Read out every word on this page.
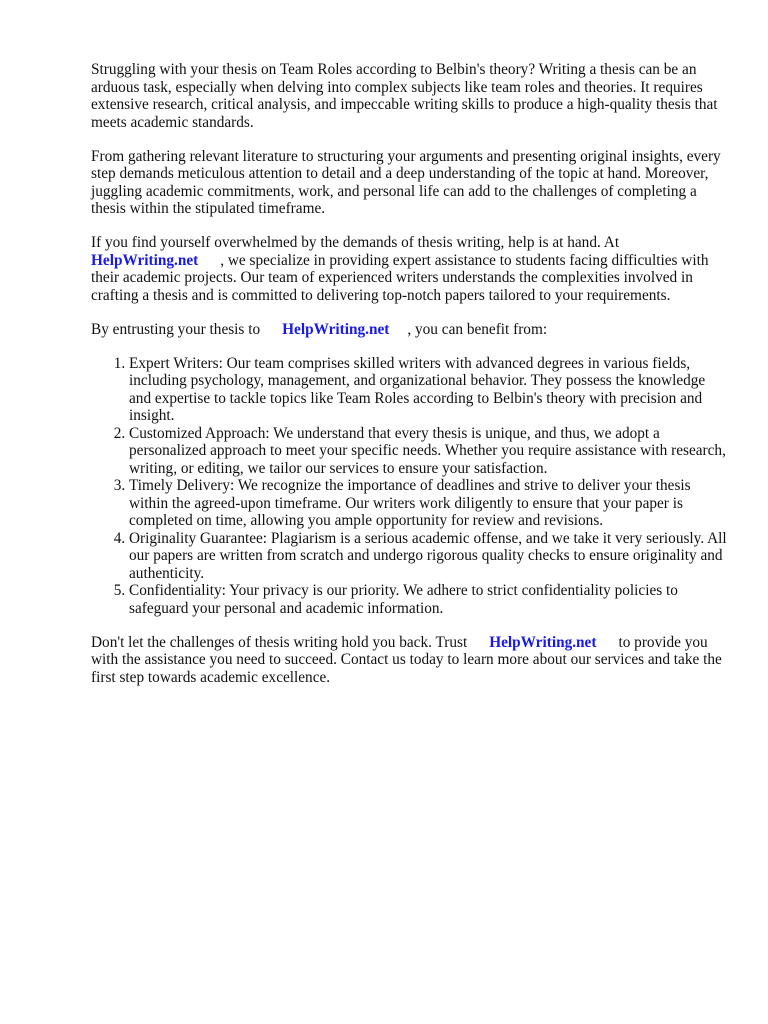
Struggling with your thesis on Team Roles according to Belbin's theory? Writing a thesis can be an arduous task, especially when delving into complex subjects like team roles and theories. It requires extensive research, critical analysis, and impeccable writing skills to produce a high-quality thesis that meets academic standards.

From gathering relevant literature to structuring your arguments and presenting original insights, every step demands meticulous attention to detail and a deep understanding of the topic at hand. Moreover, juggling academic commitments, work, and personal life can add to the challenges of completing a thesis within the stipulated timeframe.

If you find yourself overwhelmed by the demands of thesis writing, help is at hand. At
HelpWriting.net , we specialize in providing expert assistance to students facing difficulties with their academic projects. Our team of experienced writers understands the complexities involved in crafting a thesis and is committed to delivering top-notch papers tailored to your requirements.

By entrusting your thesis to HelpWriting.net , you can benefit from:

1. Expert Writers: Our team comprises skilled writers with advanced degrees in various fields, including psychology, management, and organizational behavior. They possess the knowledge and expertise to tackle topics like Team Roles according to Belbin's theory with precision and insight.
2. Customized Approach: We understand that every thesis is unique, and thus, we adopt a personalized approach to meet your specific needs. Whether you require assistance with research, writing, or editing, we tailor our services to ensure your satisfaction.
3. Timely Delivery: We recognize the importance of deadlines and strive to deliver your thesis within the agreed-upon timeframe. Our writers work diligently to ensure that your paper is completed on time, allowing you ample opportunity for review and revisions.
4. Originality Guarantee: Plagiarism is a serious academic offense, and we take it very seriously. All our papers are written from scratch and undergo rigorous quality checks to ensure originality and authenticity.
5. Confidentiality: Your privacy is our priority. We adhere to strict confidentiality policies to safeguard your personal and academic information.

Don't let the challenges of thesis writing hold you back. Trust HelpWriting.net to provide you with the assistance you need to succeed. Contact us today to learn more about our services and take the first step towards academic excellence.
